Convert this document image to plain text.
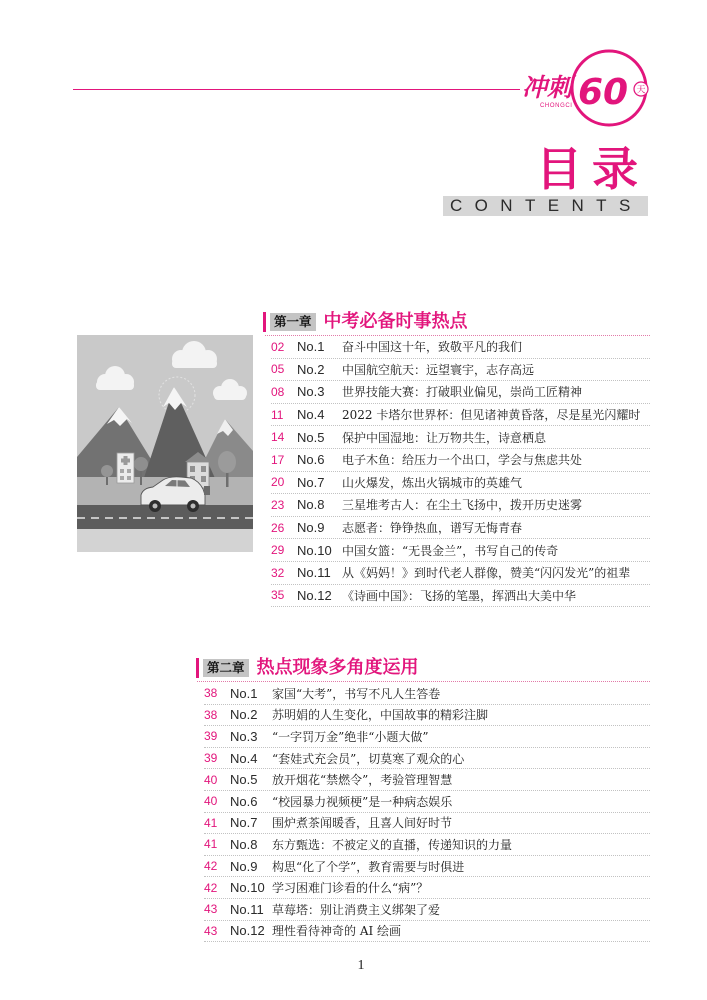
冲刺 60 天
CHONGCI
目录
CONTENTS
第一章 中考必备时事热点
02 No.1	奋斗中国这十年，致敬平凡的我们
05 No.2	中国航空航天：远望寰宇，志存高远
08 No.3	世界技能大赛：打破职业偏见，崇尚工匠精神
11	No.4	2022 卡塔尔世界杯：但见诸神黄昏落，尽是星光闪耀时
14 No.5	保护中国湿地：让万物共生，诗意栖息
17 No.6	电子木鱼：给压力一个出口，学会与焦虑共处
20 No.7	山火爆发，炼出火锅城市的英雄气
23 No.8	三星堆考古人：在尘土飞扬中，拨开历史迷雾
26 No.9	志愿者：铮铮热血，谱写无悔青春
29 No.10 中国女篮：“无畏金兰”，书写自己的传奇
32 No.11 从《妈妈！》到时代老人群像，赞美“闪闪发光”的祖辈
35 No.12 《诗画中国》：飞扬的笔墨，挥洒出大美中华
第二章 热点现象多角度运用
38 No.1	家国“大考”，书写不凡人生答卷
38 No.2	苏明娟的人生变化，中国故事的精彩注脚
39 No.3	“一字罚万金”绝非“小题大做”
39 No.4	“套娃式充会员”，切莫寒了观众的心
40 No.5	放开烟花“禁燃令”，考验管理智慧
40 No.6	“校园暴力视频梗”是一种病态娱乐
41 No.7	围炉煮茶闻暖香，且喜人间好时节
41 No.8	东方甄选：不被定义的直播，传递知识的力量
42 No.9	构思“化了个学”，教育需要与时俱进
42 No.10 学习困难门诊看的什么“病”？
43 No.11 草莓塔：别让消费主义绑架了爱
43 No.12 理性看待神奇的 AI 绘画
1
